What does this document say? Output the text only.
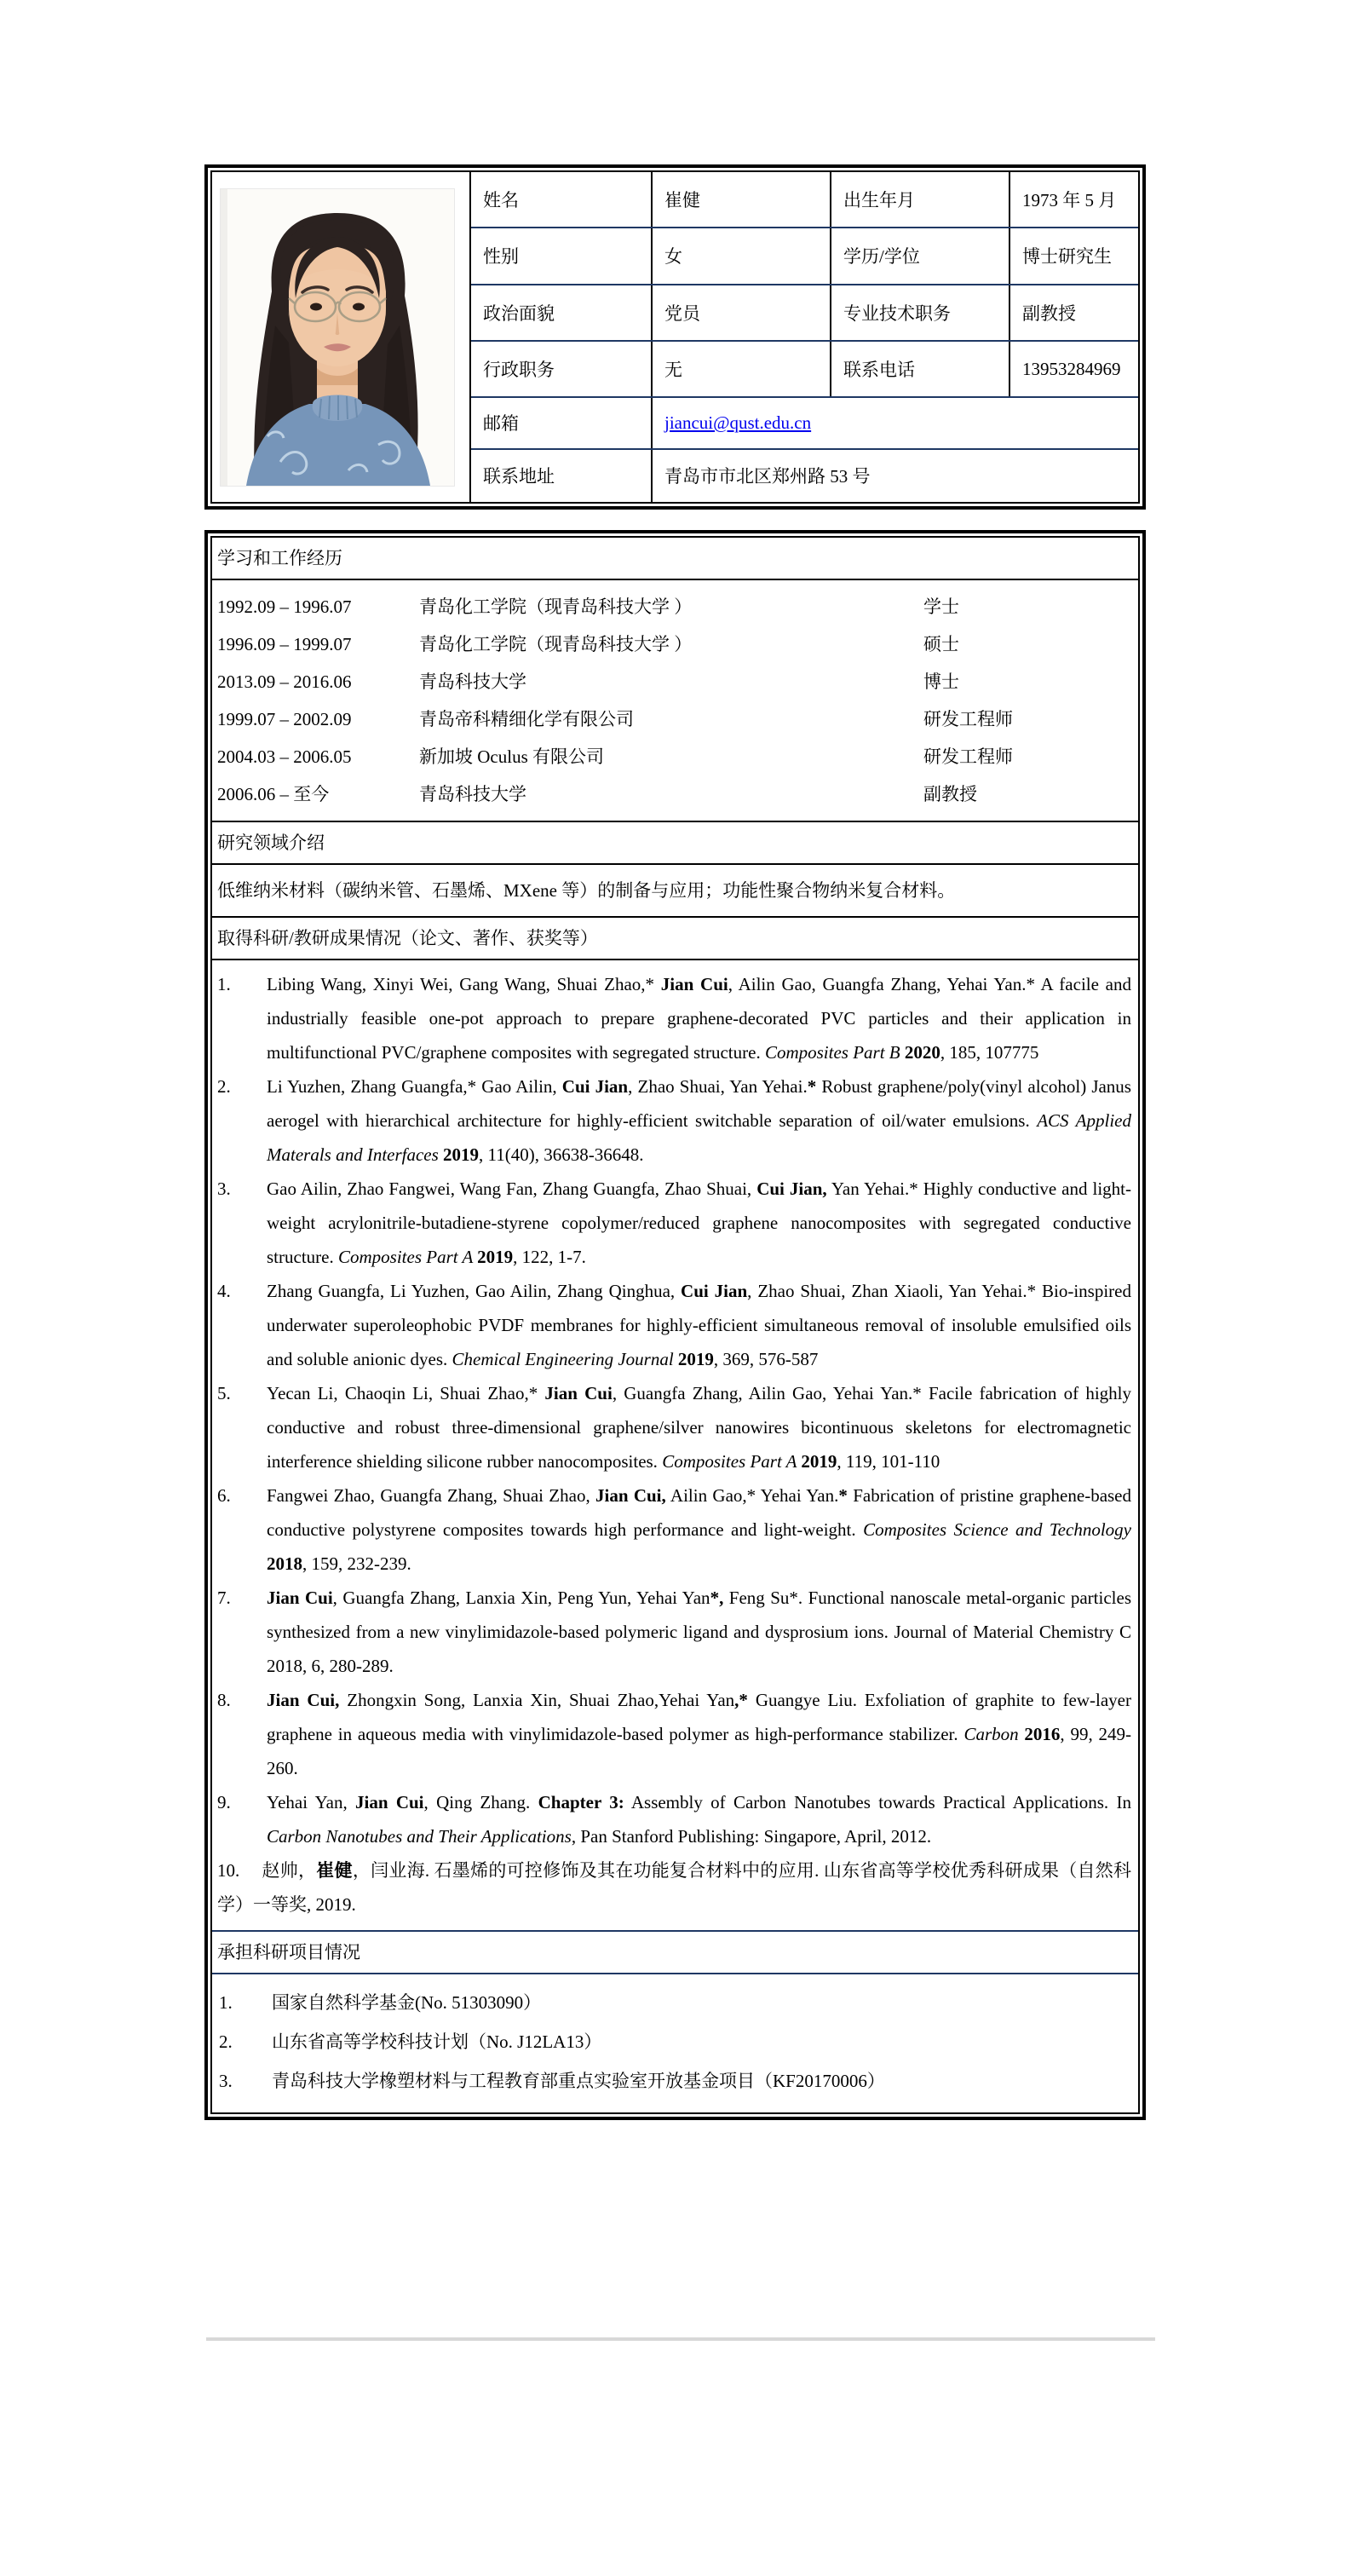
姓名	崔健	出生年月	1973 年 5 月
性别	女	学历/学位	博士研究生
政治面貌	党员	专业技术职务	副教授
行政职务	无	联系电话	13953284969
邮箱	jiancui@qust.edu.cn
联系地址	青岛市市北区郑州路 53 号
学习和工作经历
1992.09 – 1996.07	青岛化工学院（现青岛科技大学 ）	学士
1996.09 – 1999.07	青岛化工学院（现青岛科技大学 ）	硕士
2013.09 – 2016.06	青岛科技大学	博士
1999.07 – 2002.09	青岛帝科精细化学有限公司	研发工程师
2004.03 – 2006.05	新加坡 Oculus 有限公司	研发工程师
2006.06 – 至今	青岛科技大学	副教授
研究领域介绍
低维纳米材料（碳纳米管、石墨烯、MXene 等）的制备与应用；功能性聚合物纳米复合材料。
取得科研/教研成果情况（论文、著作、获奖等）
1. Libing Wang, Xinyi Wei, Gang Wang, Shuai Zhao,* Jian Cui, Ailin Gao, Guangfa Zhang, Yehai Yan.* A facile and industrially feasible one-pot approach to prepare graphene-decorated PVC particles and their application in multifunctional PVC/graphene composites with segregated structure. Composites Part B 2020, 185, 107775
2. Li Yuzhen, Zhang Guangfa,* Gao Ailin, Cui Jian, Zhao Shuai, Yan Yehai.* Robust graphene/poly(vinyl alcohol) Janus aerogel with hierarchical architecture for highly-efficient switchable separation of oil/water emulsions. ACS Applied Materals and Interfaces 2019, 11(40), 36638-36648.
3. Gao Ailin, Zhao Fangwei, Wang Fan, Zhang Guangfa, Zhao Shuai, Cui Jian, Yan Yehai.* Highly conductive and light-weight acrylonitrile-butadiene-styrene copolymer/reduced graphene nanocomposites with segregated conductive structure. Composites Part A 2019, 122, 1-7.
4. Zhang Guangfa, Li Yuzhen, Gao Ailin, Zhang Qinghua, Cui Jian, Zhao Shuai, Zhan Xiaoli, Yan Yehai.* Bio-inspired underwater superoleophobic PVDF membranes for highly-efficient simultaneous removal of insoluble emulsified oils and soluble anionic dyes. Chemical Engineering Journal 2019, 369, 576-587
5. Yecan Li, Chaoqin Li, Shuai Zhao,* Jian Cui, Guangfa Zhang, Ailin Gao, Yehai Yan.* Facile fabrication of highly conductive and robust three-dimensional graphene/silver nanowires bicontinuous skeletons for electromagnetic interference shielding silicone rubber nanocomposites. Composites Part A 2019, 119, 101-110
6. Fangwei Zhao, Guangfa Zhang, Shuai Zhao, Jian Cui, Ailin Gao,* Yehai Yan.* Fabrication of pristine graphene-based conductive polystyrene composites towards high performance and light-weight. Composites Science and Technology 2018, 159, 232-239.
7. Jian Cui, Guangfa Zhang, Lanxia Xin, Peng Yun, Yehai Yan*, Feng Su*. Functional nanoscale metal-organic particles synthesized from a new vinylimidazole-based polymeric ligand and dysprosium ions. Journal of Material Chemistry C 2018, 6, 280-289.
8. Jian Cui, Zhongxin Song, Lanxia Xin, Shuai Zhao,Yehai Yan,* Guangye Liu. Exfoliation of graphite to few-layer graphene in aqueous media with vinylimidazole-based polymer as high-performance stabilizer. Carbon 2016, 99, 249-260.
9. Yehai Yan, Jian Cui, Qing Zhang. Chapter 3: Assembly of Carbon Nanotubes towards Practical Applications. In Carbon Nanotubes and Their Applications, Pan Stanford Publishing: Singapore, April, 2012.
10. 赵帅，崔健，闫业海. 石墨烯的可控修饰及其在功能复合材料中的应用. 山东省高等学校优秀科研成果（自然科学）一等奖, 2019.
承担科研项目情况
1. 国家自然科学基金(No. 51303090）
2. 山东省高等学校科技计划（No. J12LA13）
3. 青岛科技大学橡塑材料与工程教育部重点实验室开放基金项目（KF20170006）
